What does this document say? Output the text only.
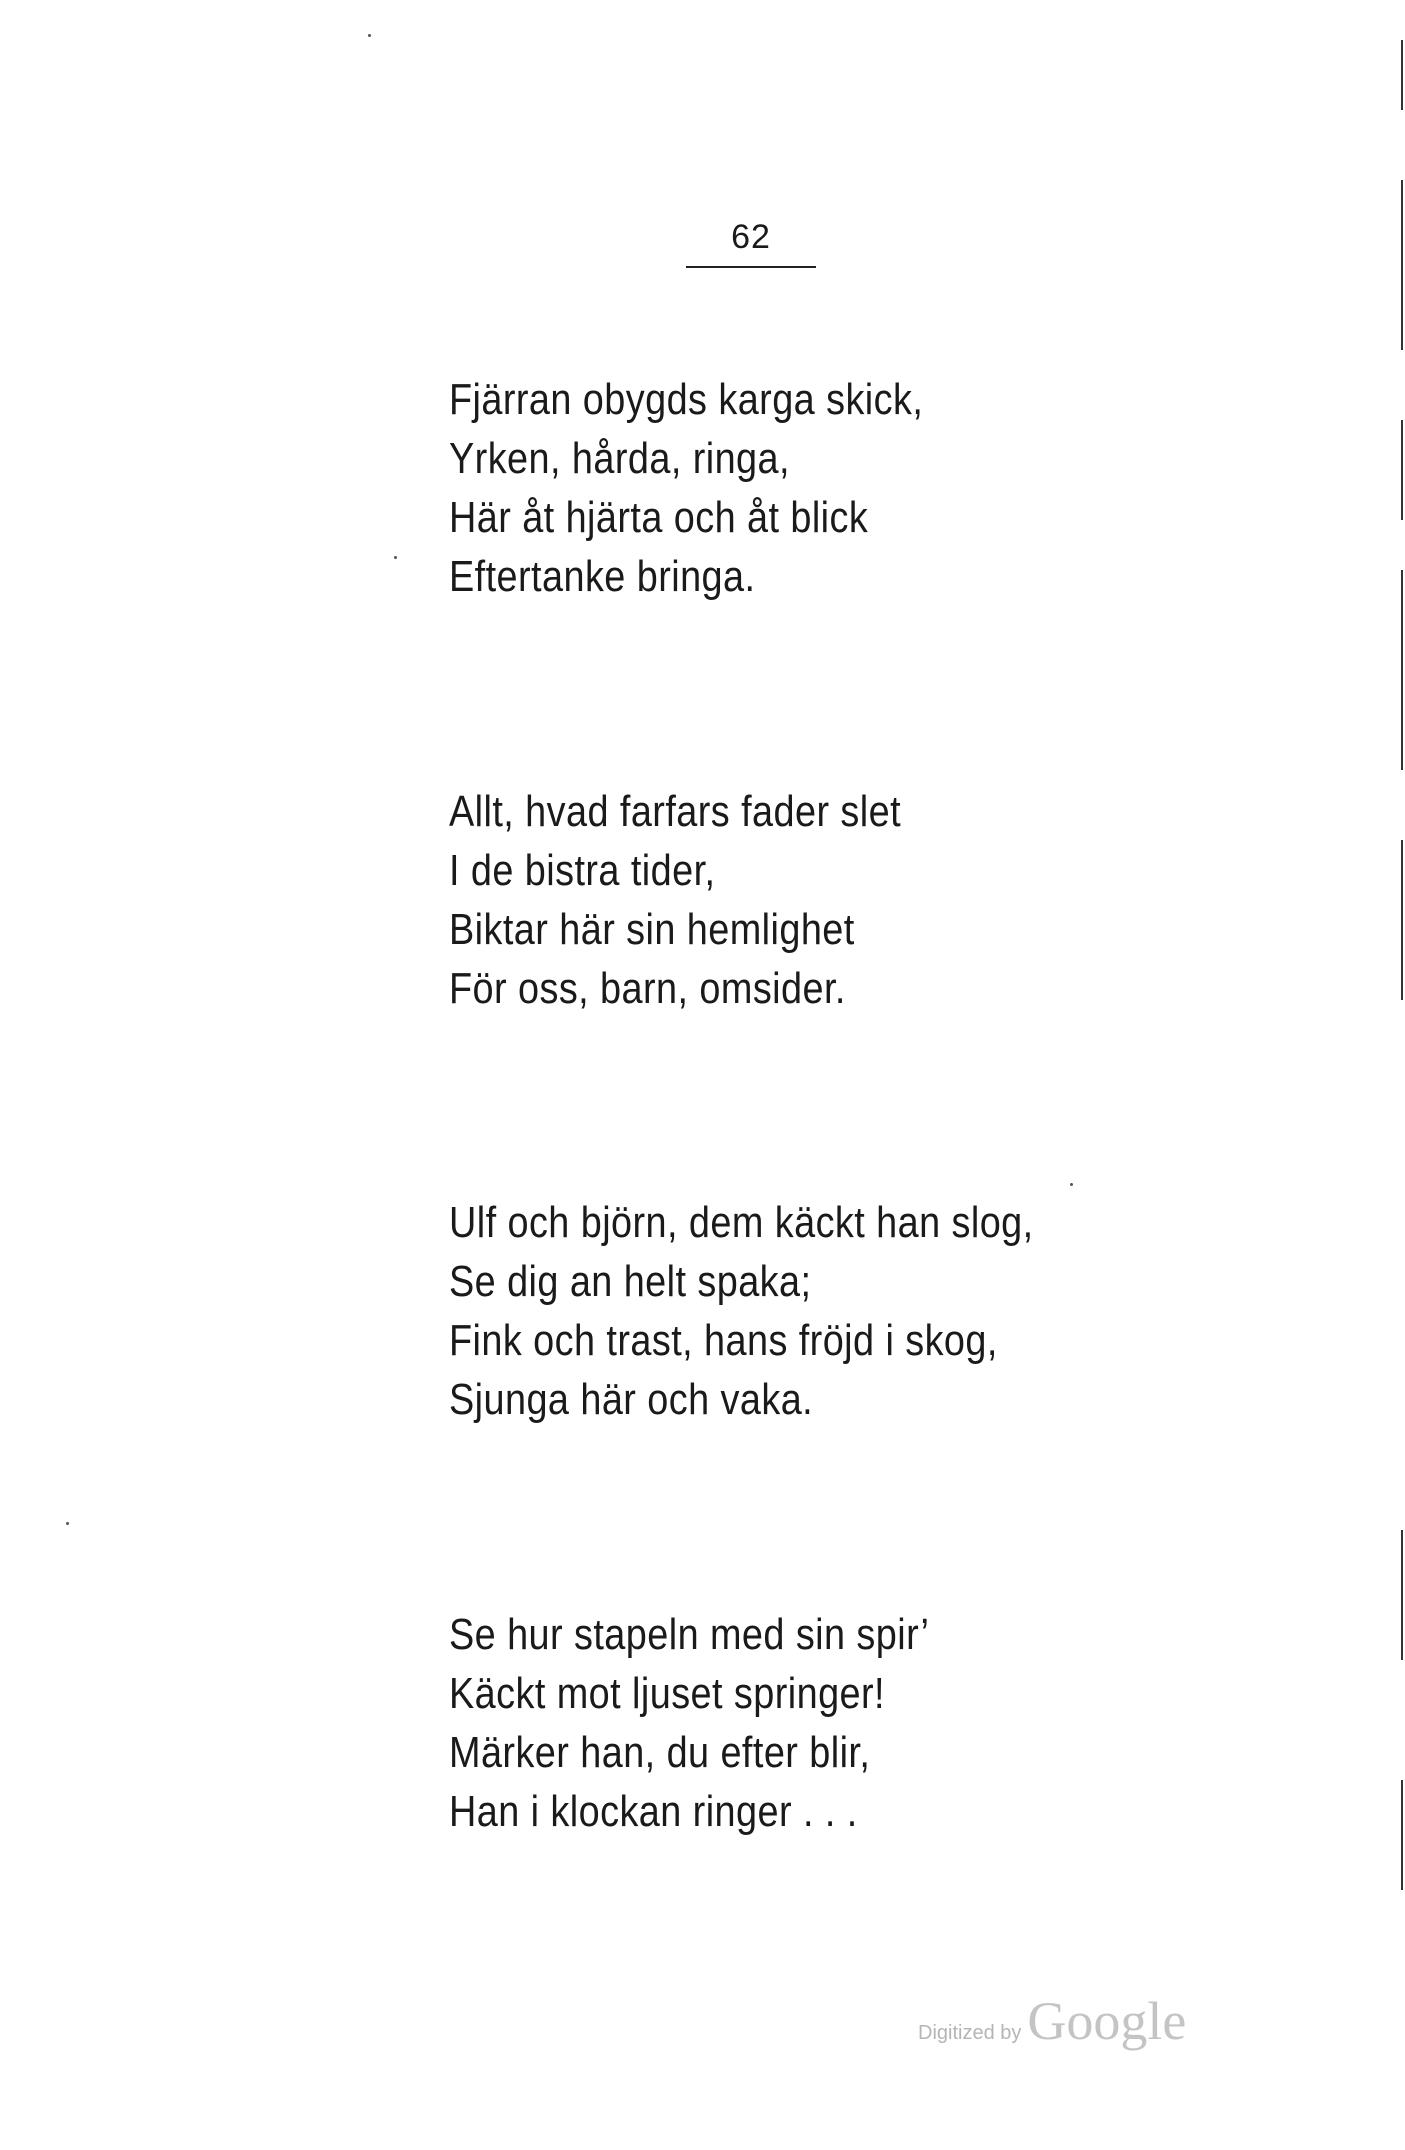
62
Fjärran obygds karga skick,
Yrken, hårda, ringa,
Här åt hjärta och åt blick
Eftertanke bringa.
Allt, hvad farfars fader slet
I de bistra tider,
Biktar här sin hemlighet
För oss, barn, omsider.
Ulf och björn, dem käckt han slog,
Se dig an helt spaka;
Fink och trast, hans fröjd i skog,
Sjunga här och vaka.
Se hur stapeln med sin spir’
Käckt mot ljuset springer!
Märker han, du efter blir,
Han i klockan ringer . . .
Digitized by Google
